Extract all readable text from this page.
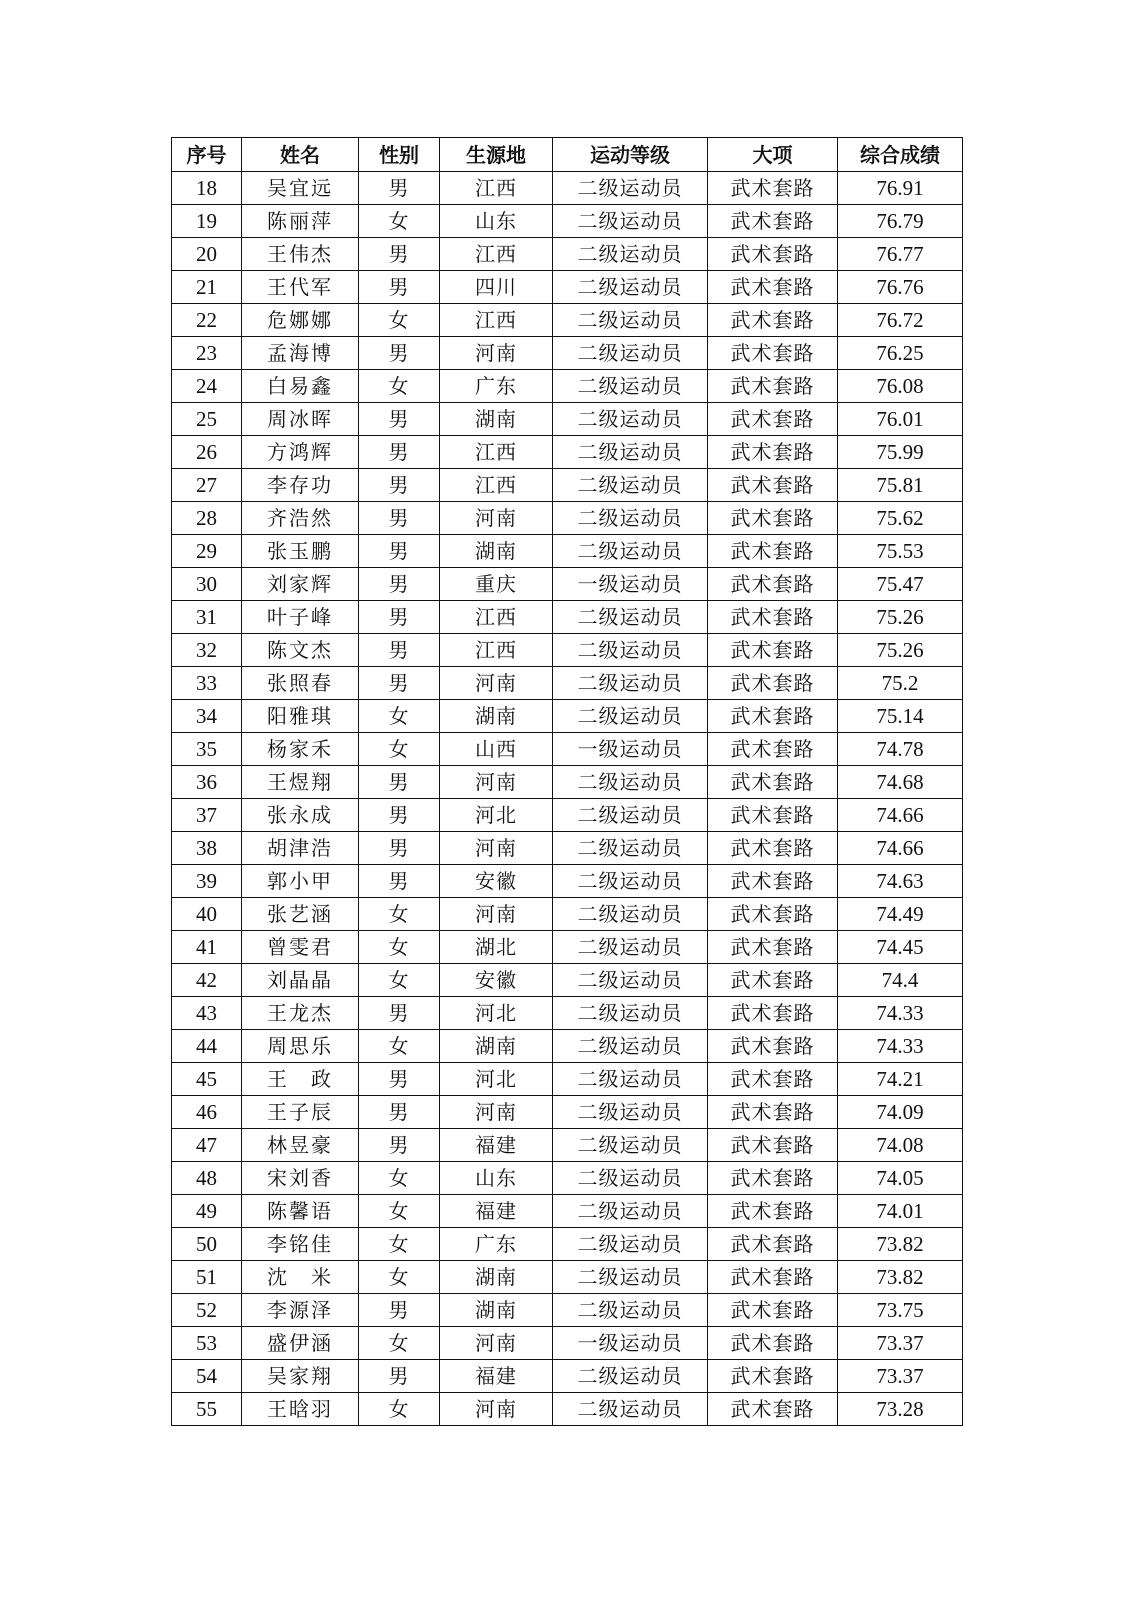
序号	姓名	性别	生源地	运动等级	大项	综合成绩
18	吴宜远	男	江西	二级运动员	武术套路	76.91
19	陈丽萍	女	山东	二级运动员	武术套路	76.79
20	王伟杰	男	江西	二级运动员	武术套路	76.77
21	王代军	男	四川	二级运动员	武术套路	76.76
22	危娜娜	女	江西	二级运动员	武术套路	76.72
23	孟海博	男	河南	二级运动员	武术套路	76.25
24	白易鑫	女	广东	二级运动员	武术套路	76.08
25	周冰晖	男	湖南	二级运动员	武术套路	76.01
26	方鸿辉	男	江西	二级运动员	武术套路	75.99
27	李存功	男	江西	二级运动员	武术套路	75.81
28	齐浩然	男	河南	二级运动员	武术套路	75.62
29	张玉鹏	男	湖南	二级运动员	武术套路	75.53
30	刘家辉	男	重庆	一级运动员	武术套路	75.47
31	叶子峰	男	江西	二级运动员	武术套路	75.26
32	陈文杰	男	江西	二级运动员	武术套路	75.26
33	张照春	男	河南	二级运动员	武术套路	75.2
34	阳雅琪	女	湖南	二级运动员	武术套路	75.14
35	杨家禾	女	山西	一级运动员	武术套路	74.78
36	王煜翔	男	河南	二级运动员	武术套路	74.68
37	张永成	男	河北	二级运动员	武术套路	74.66
38	胡津浩	男	河南	二级运动员	武术套路	74.66
39	郭小甲	男	安徽	二级运动员	武术套路	74.63
40	张艺涵	女	河南	二级运动员	武术套路	74.49
41	曾雯君	女	湖北	二级运动员	武术套路	74.45
42	刘晶晶	女	安徽	二级运动员	武术套路	74.4
43	王龙杰	男	河北	二级运动员	武术套路	74.33
44	周思乐	女	湖南	二级运动员	武术套路	74.33
45	王　政	男	河北	二级运动员	武术套路	74.21
46	王子辰	男	河南	二级运动员	武术套路	74.09
47	林昱豪	男	福建	二级运动员	武术套路	74.08
48	宋刘香	女	山东	二级运动员	武术套路	74.05
49	陈馨语	女	福建	二级运动员	武术套路	74.01
50	李铭佳	女	广东	二级运动员	武术套路	73.82
51	沈　米	女	湖南	二级运动员	武术套路	73.82
52	李源泽	男	湖南	二级运动员	武术套路	73.75
53	盛伊涵	女	河南	一级运动员	武术套路	73.37
54	吴家翔	男	福建	二级运动员	武术套路	73.37
55	王晗羽	女	河南	二级运动员	武术套路	73.28
